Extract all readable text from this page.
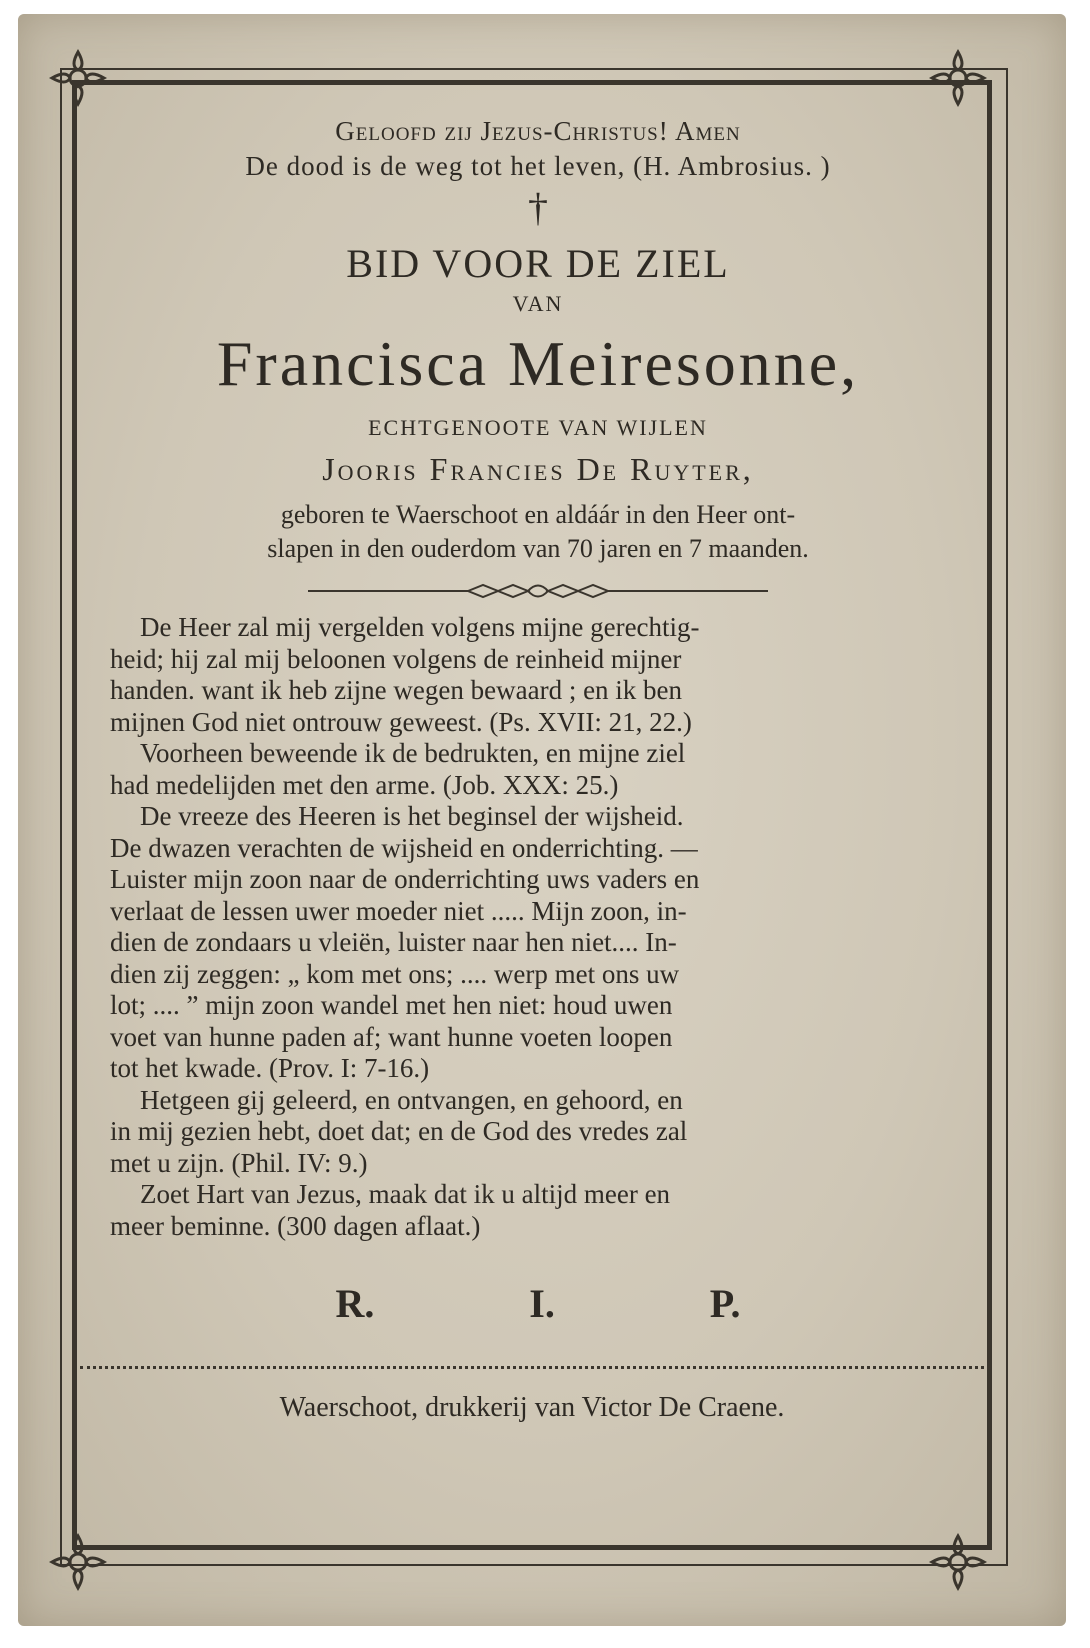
Geloofd zij Jezus-Christus! Amen
De dood is de weg tot het leven, (H. Ambrosius. )
†
BID VOOR DE ZIEL
VAN
Francisca Meiresonne,
ECHTGENOOTE VAN WIJLEN
Jooris Francies De Ruyter,
geboren te Waerschoot en aldáár in den Heer ont-
slapen in den ouderdom van 70 jaren en 7 maanden.
De Heer zal mij vergelden volgens mijne gerechtig-
heid; hij zal mij beloonen volgens de reinheid mijner
handen. want ik heb zijne wegen bewaard ; en ik ben
mijnen God niet ontrouw geweest. (Ps. XVII: 21, 22.)
Voorheen beweende ik de bedrukten, en mijne ziel
had medelijden met den arme. (Job. XXX: 25.)
De vreeze des Heeren is het beginsel der wijsheid.
De dwazen verachten de wijsheid en onderrichting. —
Luister mijn zoon naar de onderrichting uws vaders en
verlaat de lessen uwer moeder niet ..... Mijn zoon, in-
dien de zondaars u vleiën, luister naar hen niet.... In-
dien zij zeggen: „ kom met ons; .... werp met ons uw
lot; .... ” mijn zoon wandel met hen niet: houd uwen
voet van hunne paden af; want hunne voeten loopen
tot het kwade. (Prov. I: 7-16.)
Hetgeen gij geleerd, en ontvangen, en gehoord, en
in mij gezien hebt, doet dat; en de God des vredes zal
met u zijn. (Phil. IV: 9.)
Zoet Hart van Jezus, maak dat ik u altijd meer en
meer beminne. (300 dagen aflaat.)
R.	I.	P.
Waerschoot, drukkerij van Victor De Craene.
